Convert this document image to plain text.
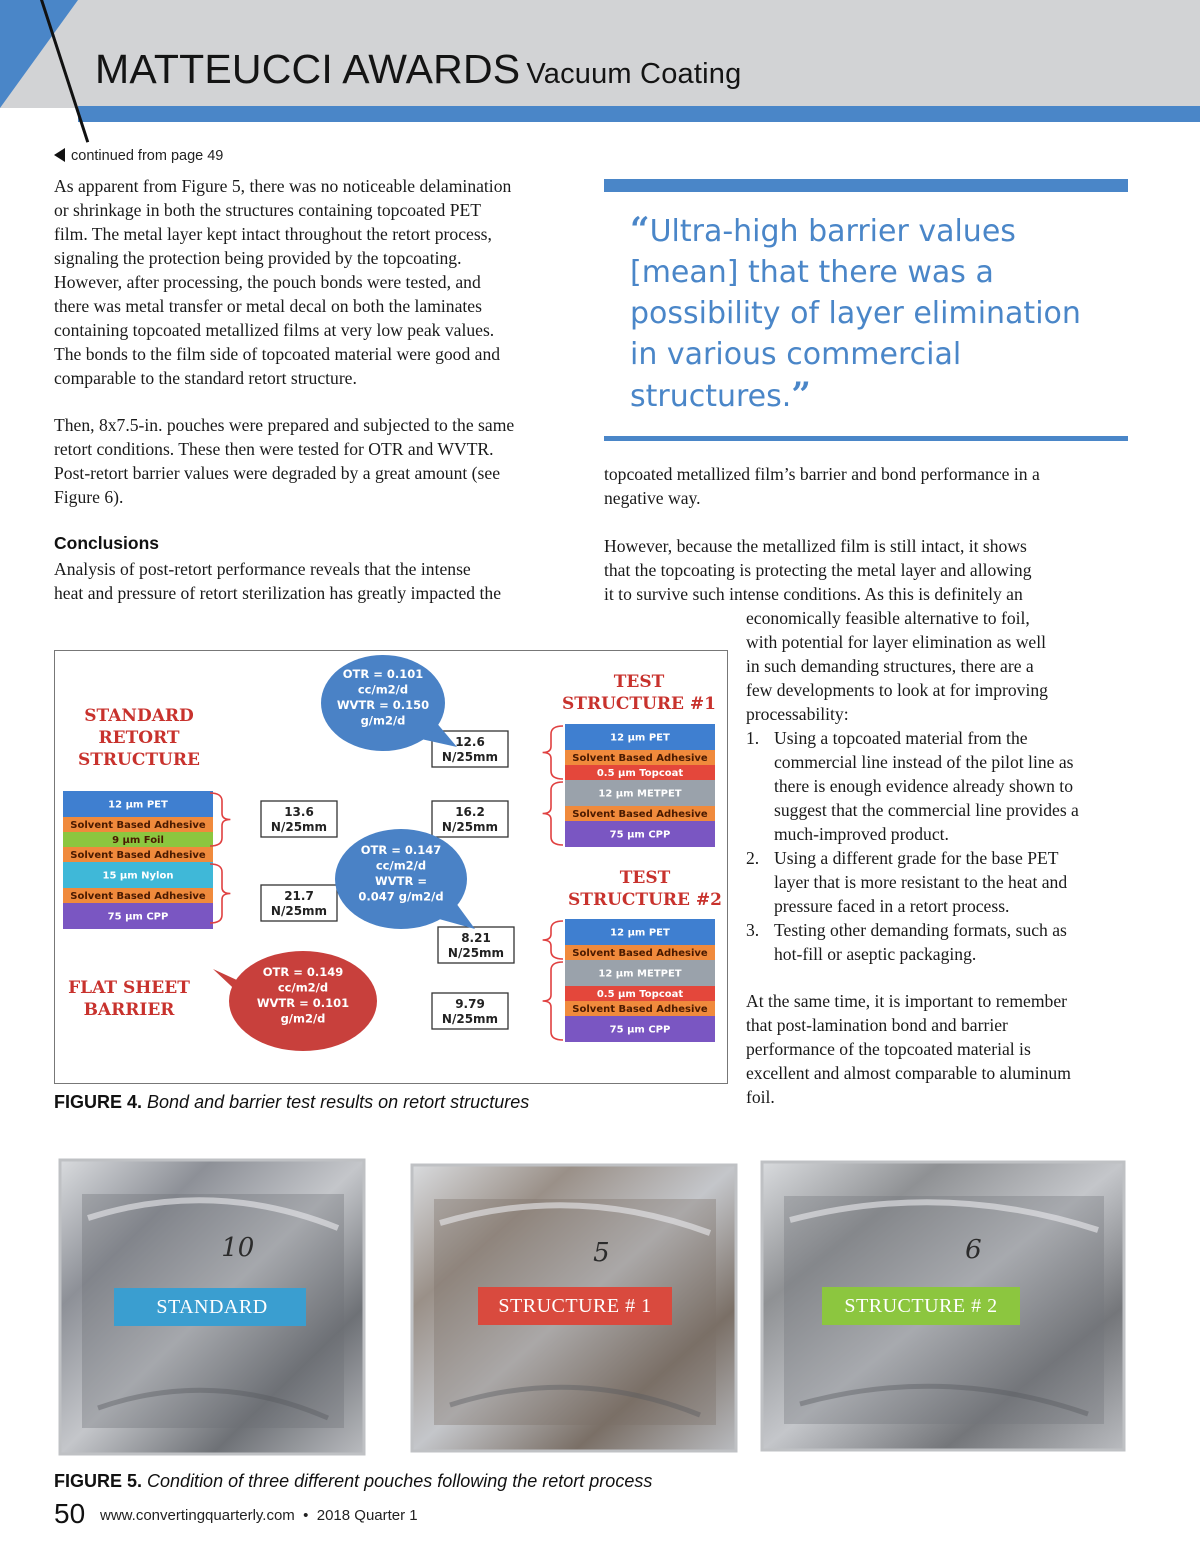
MATTEUCCI AWARDS Vacuum Coating
continued from page 49
As apparent from Figure 5, there was no noticeable delamination
or shrinkage in both the structures containing topcoated PET
film. The metal layer kept intact throughout the retort process,
signaling the protection being provided by the topcoating.
However, after processing, the pouch bonds were tested, and
there was metal transfer or metal decal on both the laminates
containing topcoated metallized films at very low peak values.
The bonds to the film side of topcoated material were good and
comparable to the standard retort structure.
Then, 8x7.5-in. pouches were prepared and subjected to the same
retort conditions. These then were tested for OTR and WVTR.
Post-retort barrier values were degraded by a great amount (see
Figure 6).
Conclusions
Analysis of post-retort performance reveals that the intense
heat and pressure of retort sterilization has greatly impacted the
“Ultra-high barrier values
[mean] that there was a
possibility of layer elimination
in various commercial
structures.”
topcoated metallized film’s barrier and bond performance in a
negative way.
However, because the metallized film is still intact, it shows
that the topcoating is protecting the metal layer and allowing
it to survive such intense conditions. As this is definitely an
economically feasible alternative to foil,
with potential for layer elimination as well
in such demanding structures, there are a
few developments to look at for improving
processability:
1. Using a topcoated material from the
commercial line instead of the pilot line as
there is enough evidence already shown to
suggest that the commercial line provides a
much-improved product.
2. Using a different grade for the base PET
layer that is more resistant to the heat and
pressure faced in a retort process.
3. Testing other demanding formats, such as
hot-fill or aseptic packaging.
At the same time, it is important to remember
that post-lamination bond and barrier
performance of the topcoated material is
excellent and almost comparable to aluminum
foil.
STANDARD
RETORT
STRUCTURE
FLAT SHEET
BARRIER
TEST
STRUCTURE #1
TEST
STRUCTURE #2
12 µm PET
Solvent Based Adhesive
9 µm Foil
Solvent Based Adhesive
15 µm Nylon
Solvent Based Adhesive
75 µm CPP
13.6
N/25mm
21.7
N/25mm
12 µm PET
Solvent Based Adhesive
0.5 µm Topcoat
12 µm METPET
Solvent Based Adhesive
75 µm CPP
12.6
N/25mm
16.2
N/25mm
12 µm PET
Solvent Based Adhesive
12 µm METPET
0.5 µm Topcoat
Solvent Based Adhesive
75 µm CPP
8.21
N/25mm
9.79
N/25mm
OTR = 0.101
cc/m2/d
WVTR = 0.150
g/m2/d
OTR = 0.147
cc/m2/d
WVTR =
0.047 g/m2/d
OTR = 0.149
cc/m2/d
WVTR = 0.101
g/m2/d
FIGURE 4. Bond and barrier test results on retort structures
10	5	6
STANDARD	STRUCTURE # 1	STRUCTURE # 2
FIGURE 5. Condition of three different pouches following the retort process
50 www.convertingquarterly.com • 2018 Quarter 1
